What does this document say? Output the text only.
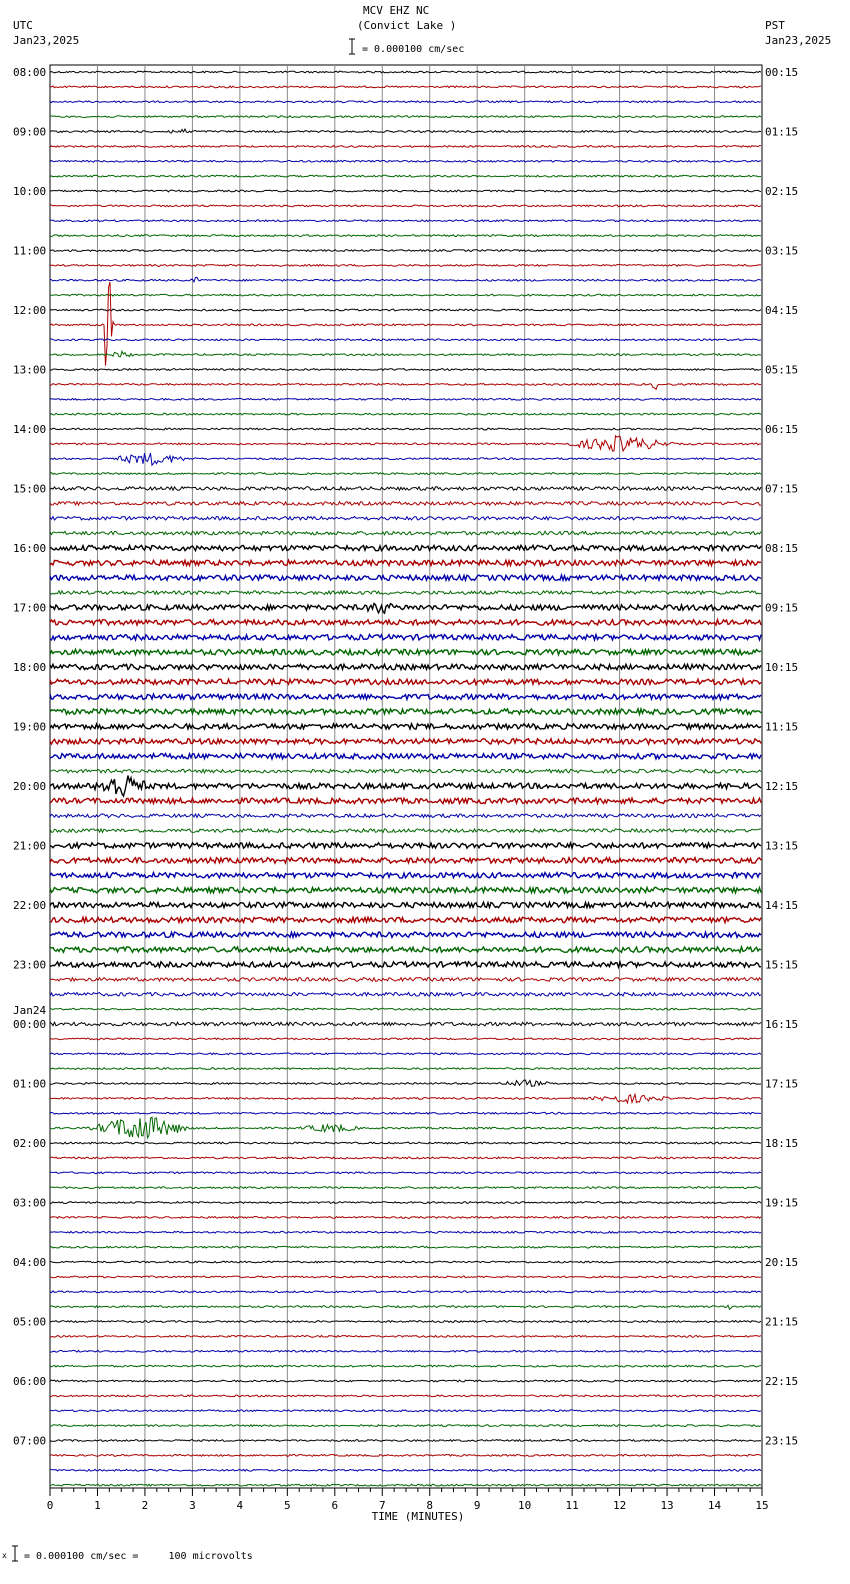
MCV EHZ NC
(Convict Lake )
= 0.000100 cm/sec
UTC
Jan23,2025
PST
Jan23,2025
08:00
09:00
10:00
11:00
12:00
13:00
14:00
15:00
16:00
17:00
18:00
19:00
20:00
21:00
22:00
23:00
00:00
Jan24
01:00
02:00
03:00
04:00
05:00
06:00
07:00
00:15
01:15
02:15
03:15
04:15
05:15
06:15
07:15
08:15
09:15
10:15
11:15
12:15
13:15
14:15
15:15
16:15
17:15
18:15
19:15
20:15
21:15
22:15
23:15
0	1	2	3	4	5	6	7	8	9	10	11	12	13	14	15
TIME (MINUTES)
x = 0.000100 cm/sec =     100 microvolts
